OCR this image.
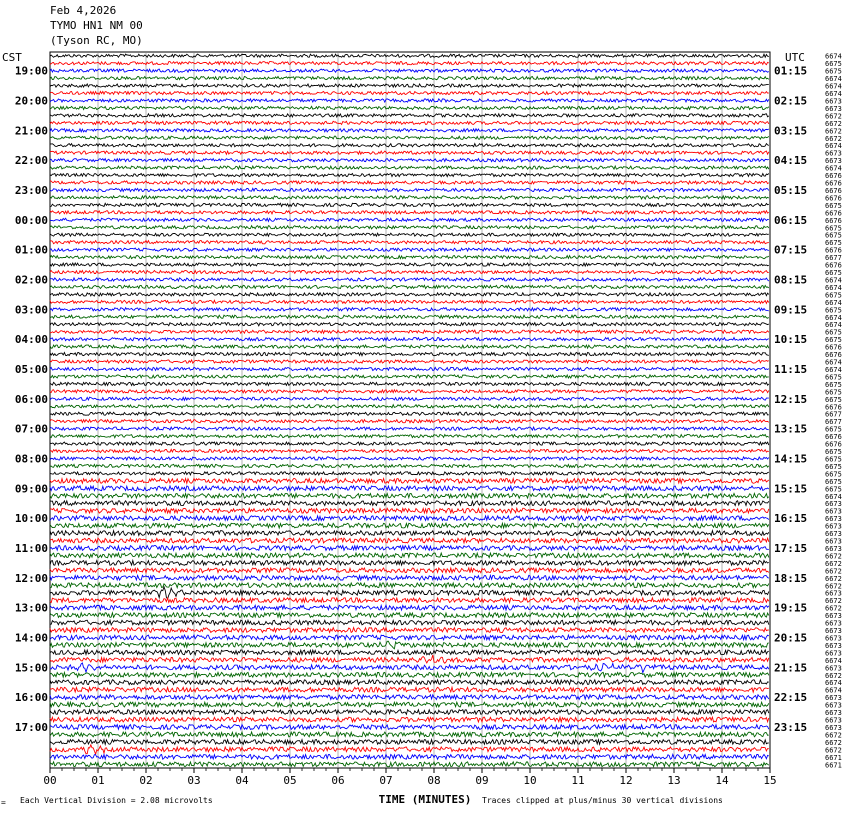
Feb 4,2026

TYMO HN1 NM 00

(Tyson RC, MO)

CST	UTC	6674
6675
6675
6674
6674
6674
6673
6673
6672
6672
6672
6672
6674
6673
6673
6674
6676
6676
6676
6676
6675
6676
6676
6675
6675
6675
6676
6677
6676
6675
6674
6674
6675
6674
6675
6674
6674
6675
6675
6676
6676
6674
6674
6675
6675
6675
6675
6676
6677
6677
6675
6676
6676
6675
6675
6675
6675
6675
6675
6674
6673
6673
6673
6673
6673
6673
6673
6672
6672
6672
6672
6672
6673
6672
6672
6673
6673
6673
6673
6673
6673
6674
6673
6672
6674
6674
6673
6673
6673
6673
6673
6672
6672
6672
6671
6671
19:00	01:15
20:00	02:15
21:00	03:15
22:00	04:15
23:00	05:15
00:00	06:15
01:00	07:15
02:00	08:15
03:00	09:15
04:00	10:15
05:00	11:15
06:00	12:15
07:00	13:15
08:00	14:15
09:00	15:15
10:00	16:15
11:00	17:15
12:00	18:15
13:00	19:15
14:00	20:15
15:00	21:15
16:00	22:15
17:00	23:15
00	01	02	03	04	05	06	07	08	09	10	11	12	13	14	15
TIME (MINUTES)
Each Vertical Division = 2.08 microvolts	Traces clipped at plus/minus 30 vertical divisions
=
